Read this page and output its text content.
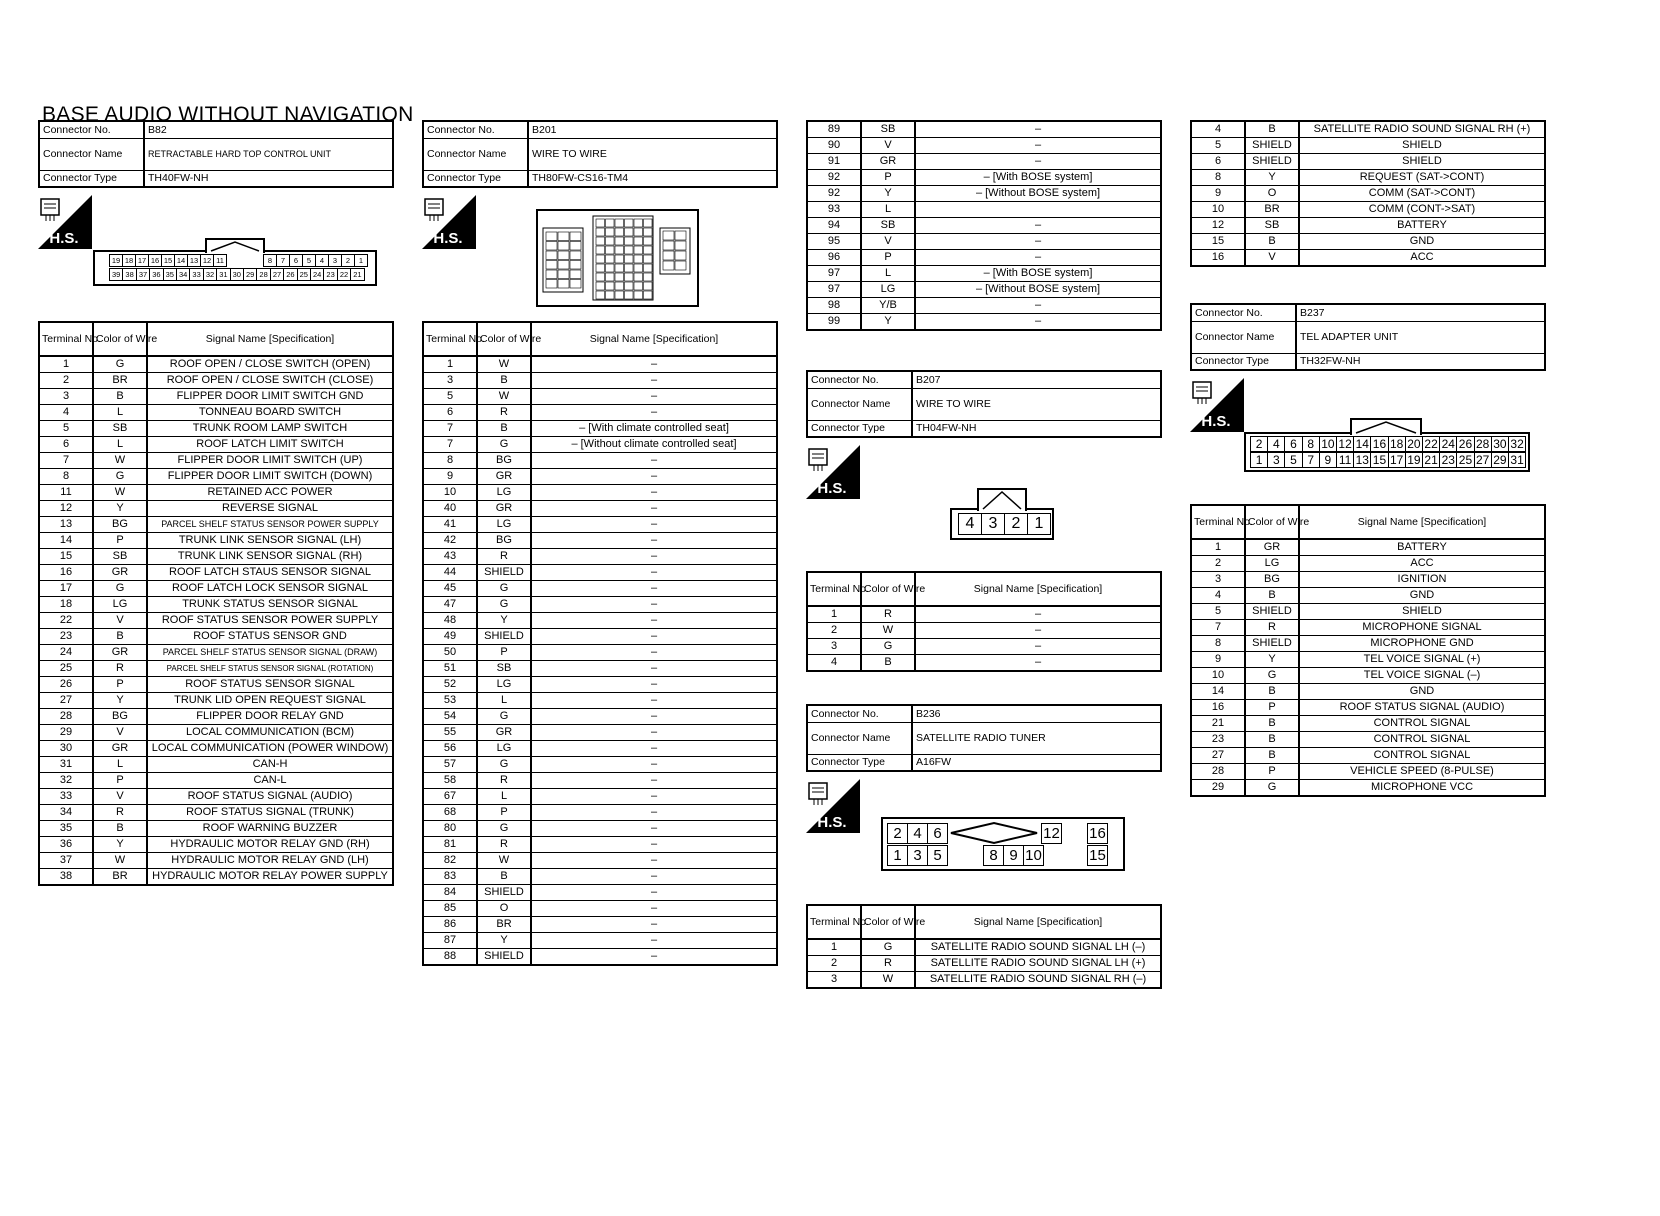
BASE AUDIO WITHOUT NAVIGATION
Connector No.	B82
Connector Name	RETRACTABLE HARD TOP CONTROL UNIT
Connector Type	TH40FW-NH
H.S.
19 18 17 16 15 14 13 12 11	8	7	6	5	4	3	2	1
39 38 37 36 35 34 33 32 31 30 29 28 27 26 25 24 23 22 21
Connector No.	B201
Connector Name	WIRE TO WIRE
Connector Type	TH80FW-CS16-TM4
H.S.
Terminal No.	Color of Wire	Signal Name [Specification]
1	G	ROOF OPEN / CLOSE SWITCH (OPEN)
2	BR	ROOF OPEN / CLOSE SWITCH (CLOSE)
3	B	FLIPPER DOOR LIMIT SWITCH GND
4	L	TONNEAU BOARD SWITCH
5	SB	TRUNK ROOM LAMP SWITCH
6	L	ROOF LATCH LIMIT SWITCH
7	W	FLIPPER DOOR LIMIT SWITCH (UP)
8	G	FLIPPER DOOR LIMIT SWITCH (DOWN)
11	W	RETAINED ACC POWER
12	Y	REVERSE SIGNAL
13	BG	PARCEL SHELF STATUS SENSOR POWER SUPPLY
14	P	TRUNK LINK SENSOR SIGNAL (LH)
15	SB	TRUNK LINK SENSOR SIGNAL (RH)
16	GR	ROOF LATCH STAUS SENSOR SIGNAL
17	G	ROOF LATCH LOCK SENSOR SIGNAL
18	LG	TRUNK STATUS SENSOR SIGNAL
22	V	ROOF STATUS SENSOR POWER SUPPLY
23	B	ROOF STATUS SENSOR GND
24	GR	PARCEL SHELF STATUS SENSOR SIGNAL (DRAW)
25	R	PARCEL SHELF STATUS SENSOR SIGNAL (ROTATION)
26	P	ROOF STATUS SENSOR SIGNAL
27	Y	TRUNK LID OPEN REQUEST SIGNAL
28	BG	FLIPPER DOOR RELAY GND
29	V	LOCAL COMMUNICATION (BCM)
30	GR	LOCAL COMMUNICATION (POWER WINDOW)
31	L	CAN-H
32	P	CAN-L
33	V	ROOF STATUS SIGNAL (AUDIO)
34	R	ROOF STATUS SIGNAL (TRUNK)
35	B	ROOF WARNING BUZZER
36	Y	HYDRAULIC MOTOR RELAY GND (RH)
37	W	HYDRAULIC MOTOR RELAY GND (LH)
38	BR	HYDRAULIC MOTOR RELAY POWER SUPPLY
Terminal No.	Color of Wire	Signal Name [Specification]
1	W	–
3	B	–
5	W	–
6	R	–
7	B	– [With climate controlled seat]
7	G	– [Without climate controlled seat]
8	BG	–
9	GR	–
10	LG	–
40	GR	–
41	LG	–
42	BG	–
43	R	–
44	SHIELD	–
45	G	–
47	G	–
48	Y	–
49	SHIELD	–
50	P	–
51	SB	–
52	LG	–
53	L	–
54	G	–
55	GR	–
56	LG	–
57	G	–
58	R	–
67	L	–
68	P	–
80	G	–
81	R	–
82	W	–
83	B	–
84	SHIELD	–
85	O	–
86	BR	–
87	Y	–
88	SHIELD	–
89	SB	–
90	V	–
91	GR	–
92	P	– [With BOSE system]
92	Y	– [Without BOSE system]
93	L	
94	SB	–
95	V	–
96	P	–
97	L	– [With BOSE system]
97	LG	– [Without BOSE system]
98	Y/B	–
99	Y	–
Connector No.	B207
Connector Name	WIRE TO WIRE
Connector Type	TH04FW-NH
H.S.
4 3 2 1
Terminal No.	Color of Wire	Signal Name [Specification]
1	R	–
2	W	–
3	G	–
4	B	–
Connector No.	B236
Connector Name	SATELLITE RADIO TUNER
Connector Type	A16FW
H.S.
2 4 6	12 16
1 3 5	8 9 10	15
Terminal No.	Color of Wire	Signal Name [Specification]
1	G	SATELLITE RADIO SOUND SIGNAL LH (–)
2	R	SATELLITE RADIO SOUND SIGNAL LH (+)
3	W	SATELLITE RADIO SOUND SIGNAL RH (–)
4	B	SATELLITE RADIO SOUND SIGNAL RH (+)
5	SHIELD	SHIELD
6	SHIELD	SHIELD
8	Y	REQUEST (SAT->CONT)
9	O	COMM (SAT->CONT)
10	BR	COMM (CONT->SAT)
12	SB	BATTERY
15	B	GND
16	V	ACC
Connector No.	B237
Connector Name	TEL ADAPTER UNIT
Connector Type	TH32FW-NH
H.S.
2 4 6 8 10 12 14 16 18 20 22 24 26 28 30 32
1 3 5 7 9 11 13 15 17 19 21 23 25 27 29 31
Terminal No.	Color of Wire	Signal Name [Specification]
1	GR	BATTERY
2	LG	ACC
3	BG	IGNITION
4	B	GND
5	SHIELD	SHIELD
7	R	MICROPHONE SIGNAL
8	SHIELD	MICROPHONE GND
9	Y	TEL VOICE SIGNAL (+)
10	G	TEL VOICE SIGNAL (–)
14	B	GND
16	P	ROOF STATUS SIGNAL (AUDIO)
21	B	CONTROL SIGNAL
23	B	CONTROL SIGNAL
27	B	CONTROL SIGNAL
28	P	VEHICLE SPEED (8-PULSE)
29	G	MICROPHONE VCC
